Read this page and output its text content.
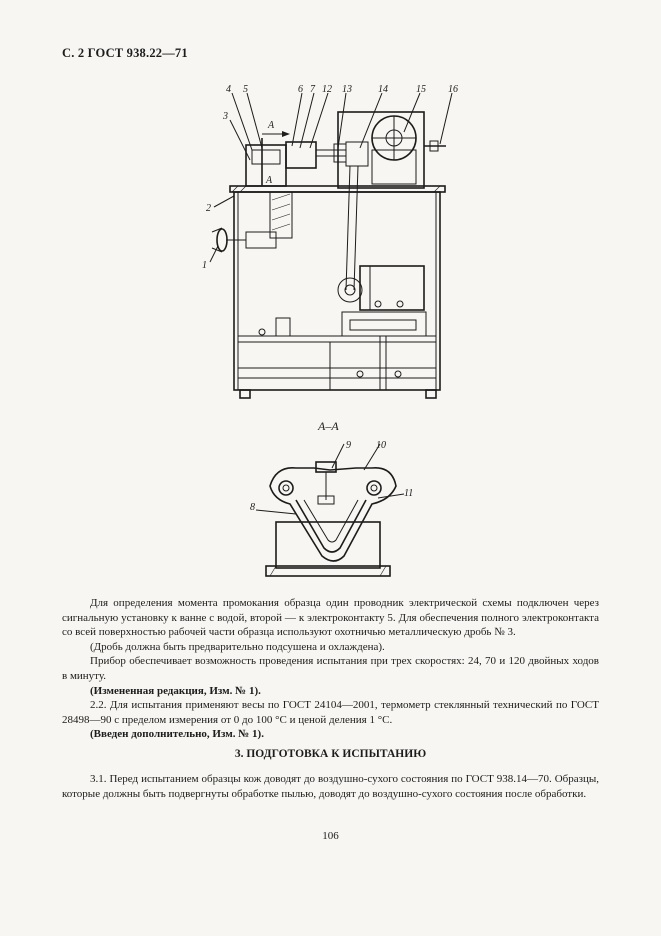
С. 2 ГОСТ 938.22—71
4 5
3
2
1
6 7 12 13	14	15 16
А
А
А–А
9	10
11
8

Для определения момента промокания образца один проводник электрической схемы подключен через сигнальную установку к ванне с водой, второй — к электроконтакту 5. Для обеспечения полного электроконтакта со всей поверхностью рабочей части образца используют охотничью металлическую дробь № 3.

(Дробь должна быть предварительно подсушена и охлаждена).

Прибор обеспечивает возможность проведения испытания при трех скоростях: 24, 70 и 120 двойных ходов в минуту.

(Измененная редакция, Изм. № 1).

2.2. Для испытания применяют весы по ГОСТ 24104—2001, термометр стеклянный технический по ГОСТ 28498—90 с пределом измерения от 0 до 100 °С и ценой деления 1 °С.

(Введен дополнительно, Изм. № 1).

3. ПОДГОТОВКА К ИСПЫТАНИЮ

3.1. Перед испытанием образцы кож доводят до воздушно-сухого состояния по ГОСТ 938.14—70. Образцы, которые должны быть подвергнуты обработке пылью, доводят до воздушно-сухого состояния после обработки.

106
